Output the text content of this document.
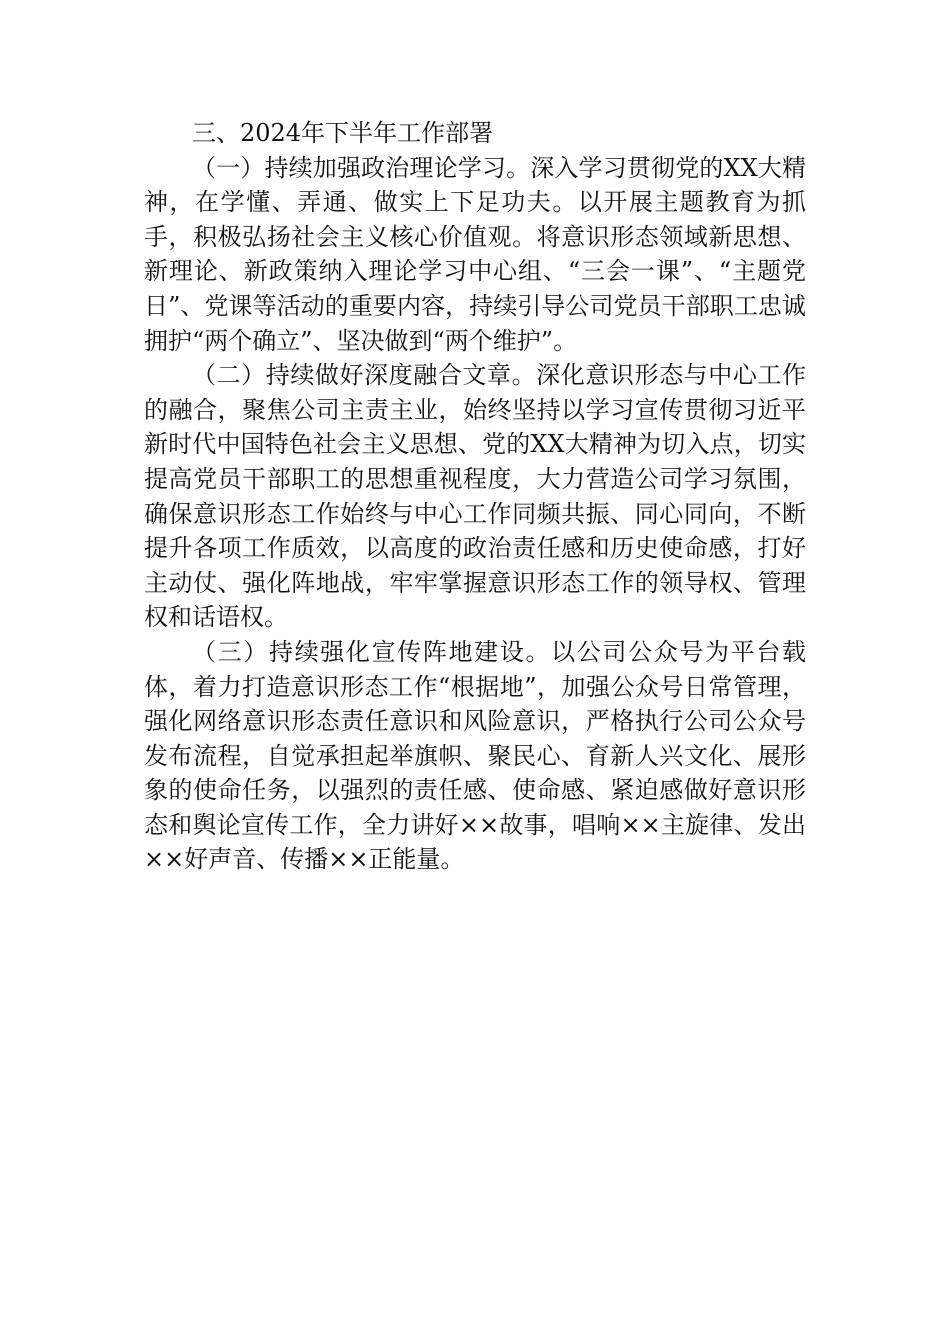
三、2024年下半年工作部署

（一）持续加强政治理论学习。深入学习贯彻党的XX大精神，在学懂、弄通、做实上下足功夫。以开展主题教育为抓手，积极弘扬社会主义核心价值观。将意识形态领域新思想、新理论、新政策纳入理论学习中心组、“三会一课”、“主题党日”、党课等活动的重要内容，持续引导公司党员干部职工忠诚拥护“两个确立”、坚决做到“两个维护”。

（二）持续做好深度融合文章。深化意识形态与中心工作的融合，聚焦公司主责主业，始终坚持以学习宣传贯彻习近平新时代中国特色社会主义思想、党的XX大精神为切入点，切实提高党员干部职工的思想重视程度，大力营造公司学习氛围，确保意识形态工作始终与中心工作同频共振、同心同向，不断提升各项工作质效，以高度的政治责任感和历史使命感，打好主动仗、强化阵地战，牢牢掌握意识形态工作的领导权、管理权和话语权。

（三）持续强化宣传阵地建设。以公司公众号为平台载体，着力打造意识形态工作“根据地”，加强公众号日常管理，强化网络意识形态责任意识和风险意识，严格执行公司公众号发布流程，自觉承担起举旗帜、聚民心、育新人兴文化、展形象的使命任务，以强烈的责任感、使命感、紧迫感做好意识形态和舆论宣传工作，全力讲好××故事，唱响××主旋律、发出××好声音、传播××正能量。
